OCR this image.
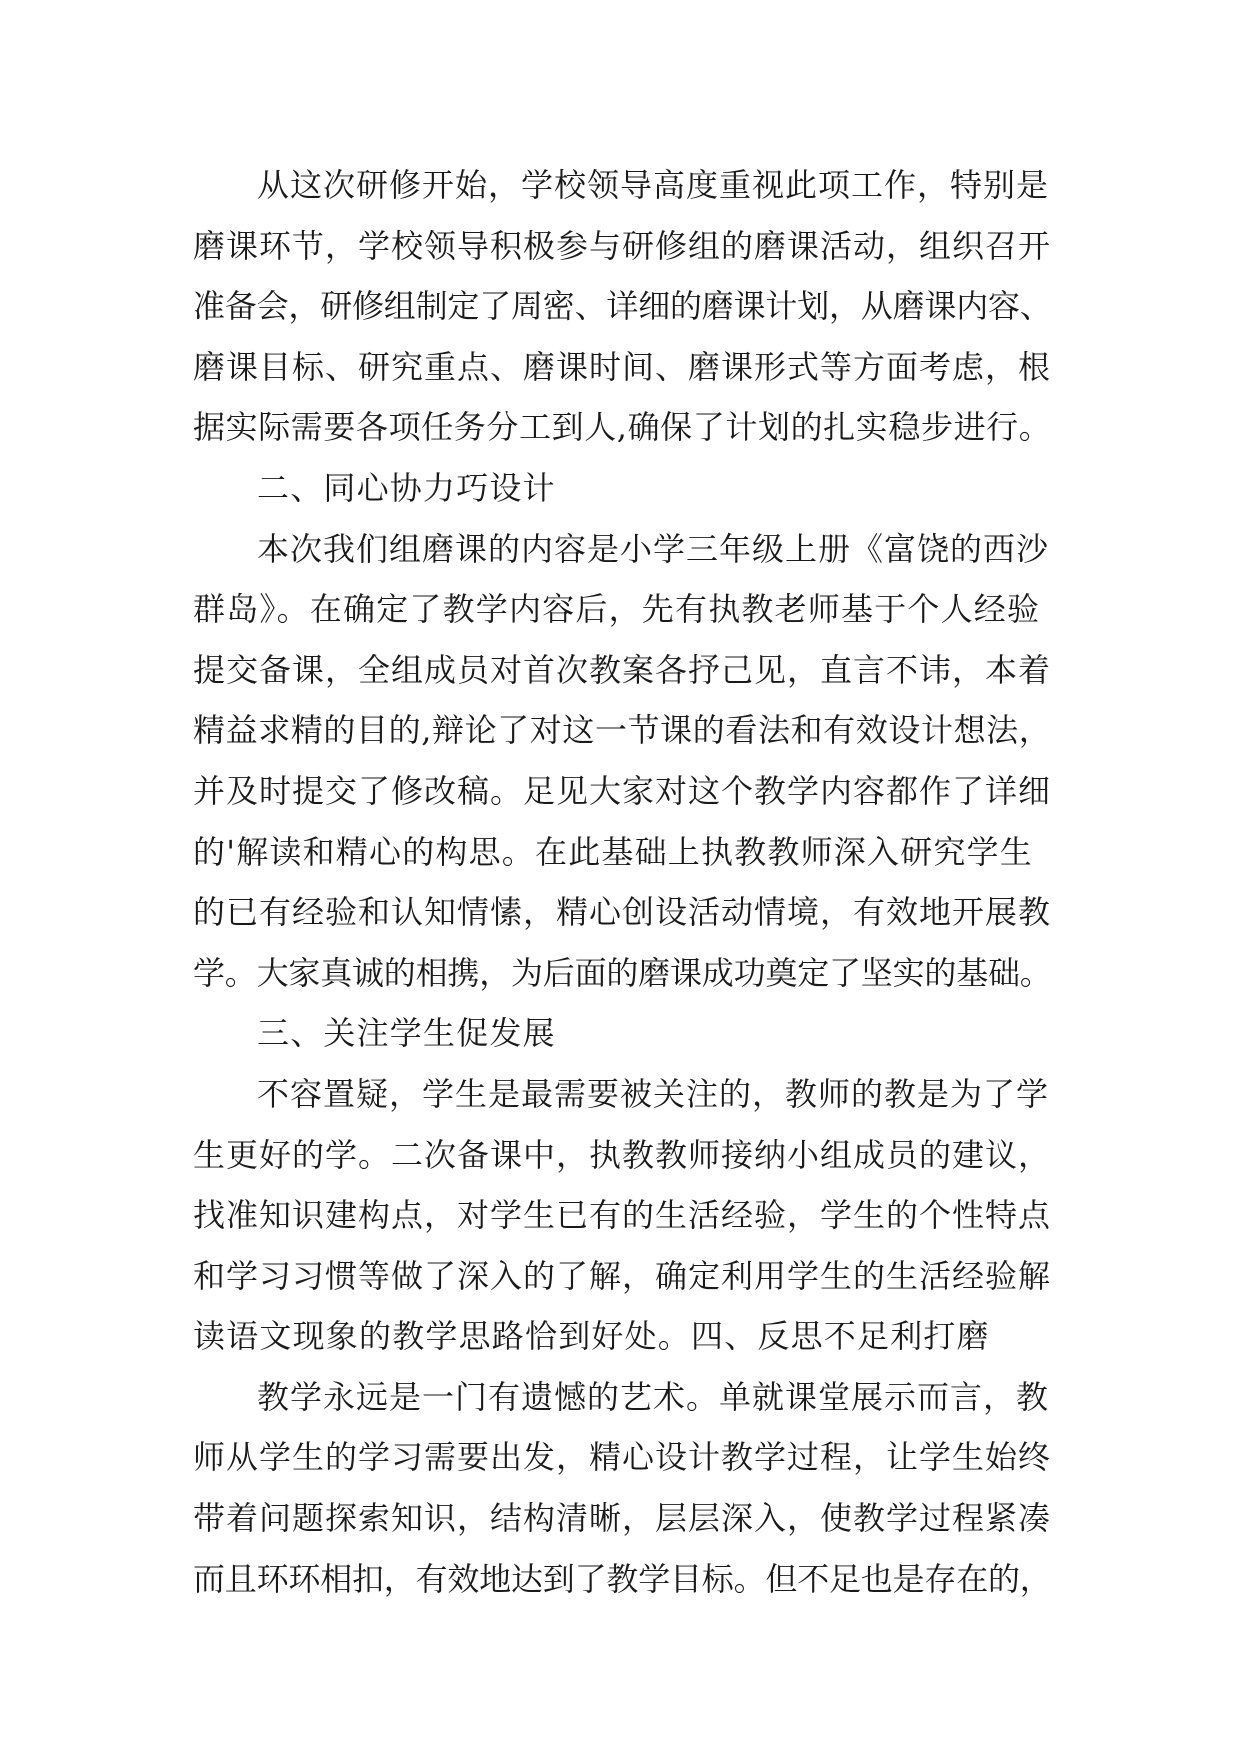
从这次研修开始，学校领导高度重视此项工作，特别是
磨课环节，学校领导积极参与研修组的磨课活动，组织召开
准备会，研修组制定了周密、详细的磨课计划，从磨课内容、
磨课目标、研究重点、磨课时间、磨课形式等方面考虑，根
据实际需要各项任务分工到人,确保了计划的扎实稳步进行。
二、同心协力巧设计
本次我们组磨课的内容是小学三年级上册《富饶的西沙
群岛》。在确定了教学内容后，先有执教老师基于个人经验
提交备课，全组成员对首次教案各抒己见，直言不讳，本着
精益求精的目的,辩论了对这一节课的看法和有效设计想法，
并及时提交了修改稿。足见大家对这个教学内容都作了详细
的'解读和精心的构思。在此基础上执教教师深入研究学生
的已有经验和认知情愫，精心创设活动情境，有效地开展教
学。大家真诚的相携，为后面的磨课成功奠定了坚实的基础。
三、关注学生促发展
不容置疑，学生是最需要被关注的，教师的教是为了学
生更好的学。二次备课中，执教教师接纳小组成员的建议，
找准知识建构点，对学生已有的生活经验，学生的个性特点
和学习习惯等做了深入的了解，确定利用学生的生活经验解
读语文现象的教学思路恰到好处。四、反思不足利打磨
教学永远是一门有遗憾的艺术。单就课堂展示而言，教
师从学生的学习需要出发，精心设计教学过程，让学生始终
带着问题探索知识，结构清晰，层层深入，使教学过程紧凑
而且环环相扣，有效地达到了教学目标。但不足也是存在的，
